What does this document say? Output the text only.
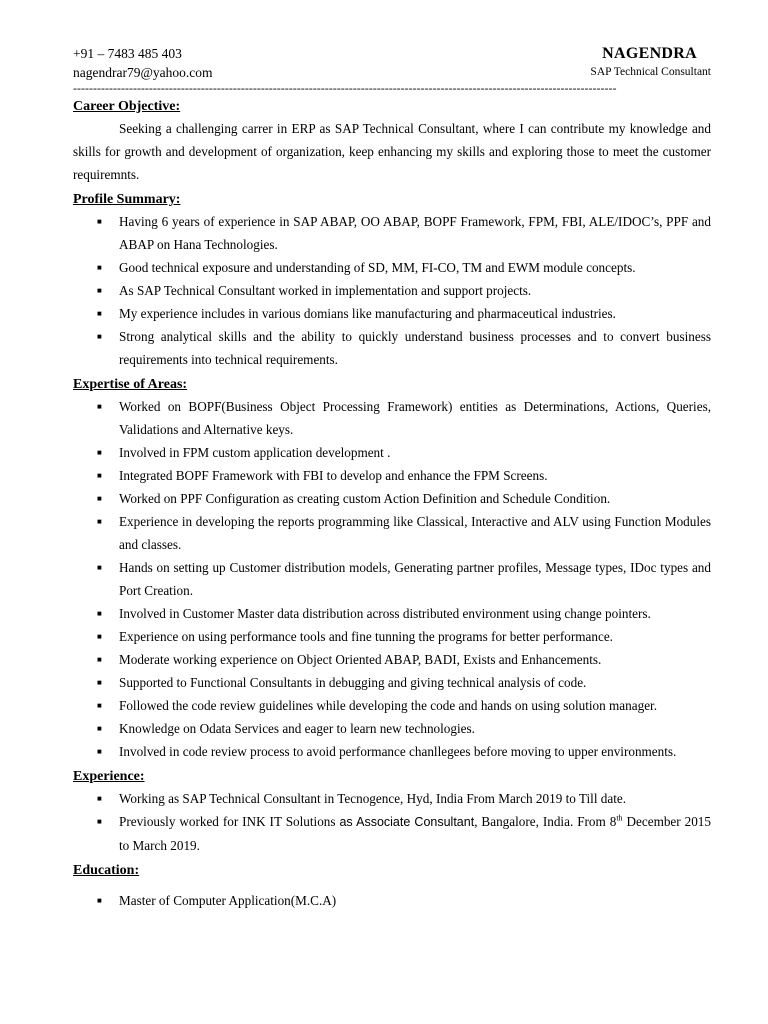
+91 – 7483 485 403
nagendrar79@yahoo.com
NAGENDRA
SAP Technical Consultant
----------------------------------------------------------------------------------------------------------------------------------------
Career Objective:
Seeking a challenging carrer in ERP as SAP Technical Consultant, where I can contribute my knowledge and skills for growth and development of organization, keep enhancing my skills and exploring those to meet the customer requiremnts.
Profile Summary:
■ Having 6 years of experience in SAP ABAP, OO ABAP, BOPF Framework, FPM, FBI, ALE/IDOC’s, PPF and ABAP on Hana Technologies.
■ Good technical exposure and understanding of SD, MM, FI-CO, TM and EWM module concepts.
■ As SAP Technical Consultant worked in implementation and support projects.
■ My experience includes in various domians like manufacturing and pharmaceutical industries.
■ Strong analytical skills and the ability to quickly understand business processes and to convert business requirements into technical requirements.
Expertise of Areas:
■ Worked on BOPF(Business Object Processing Framework) entities as Determinations, Actions, Queries, Validations and Alternative keys.
■ Involved in FPM custom application development .
■ Integrated BOPF Framework with FBI to develop and enhance the FPM Screens.
■ Worked on PPF Configuration as creating custom Action Definition and Schedule Condition.
■ Experience in developing the reports programming like Classical, Interactive and ALV using Function Modules and classes.
■ Hands on setting up Customer distribution models, Generating partner profiles, Message types, IDoc types and Port Creation.
■ Involved in Customer Master data distribution across distributed environment using change pointers.
■ Experience on using performance tools and fine tunning the programs for better performance.
■ Moderate working experience on Object Oriented ABAP, BADI, Exists and Enhancements.
■ Supported to Functional Consultants in debugging and giving technical analysis of code.
■ Followed the code review guidelines while developing the code and hands on using solution manager.
■ Knowledge on Odata Services and eager to learn new technologies.
■ Involved in code review process to avoid performance chanllegees before moving to upper environments.
Experience:
■ Working as SAP Technical Consultant in Tecnogence, Hyd, India From March 2019 to Till date.
■ Previously worked for INK IT Solutions as Associate Consultant, Bangalore, India. From 8th December 2015 to March 2019.
Education:
■ Master of Computer Application(M.C.A)
